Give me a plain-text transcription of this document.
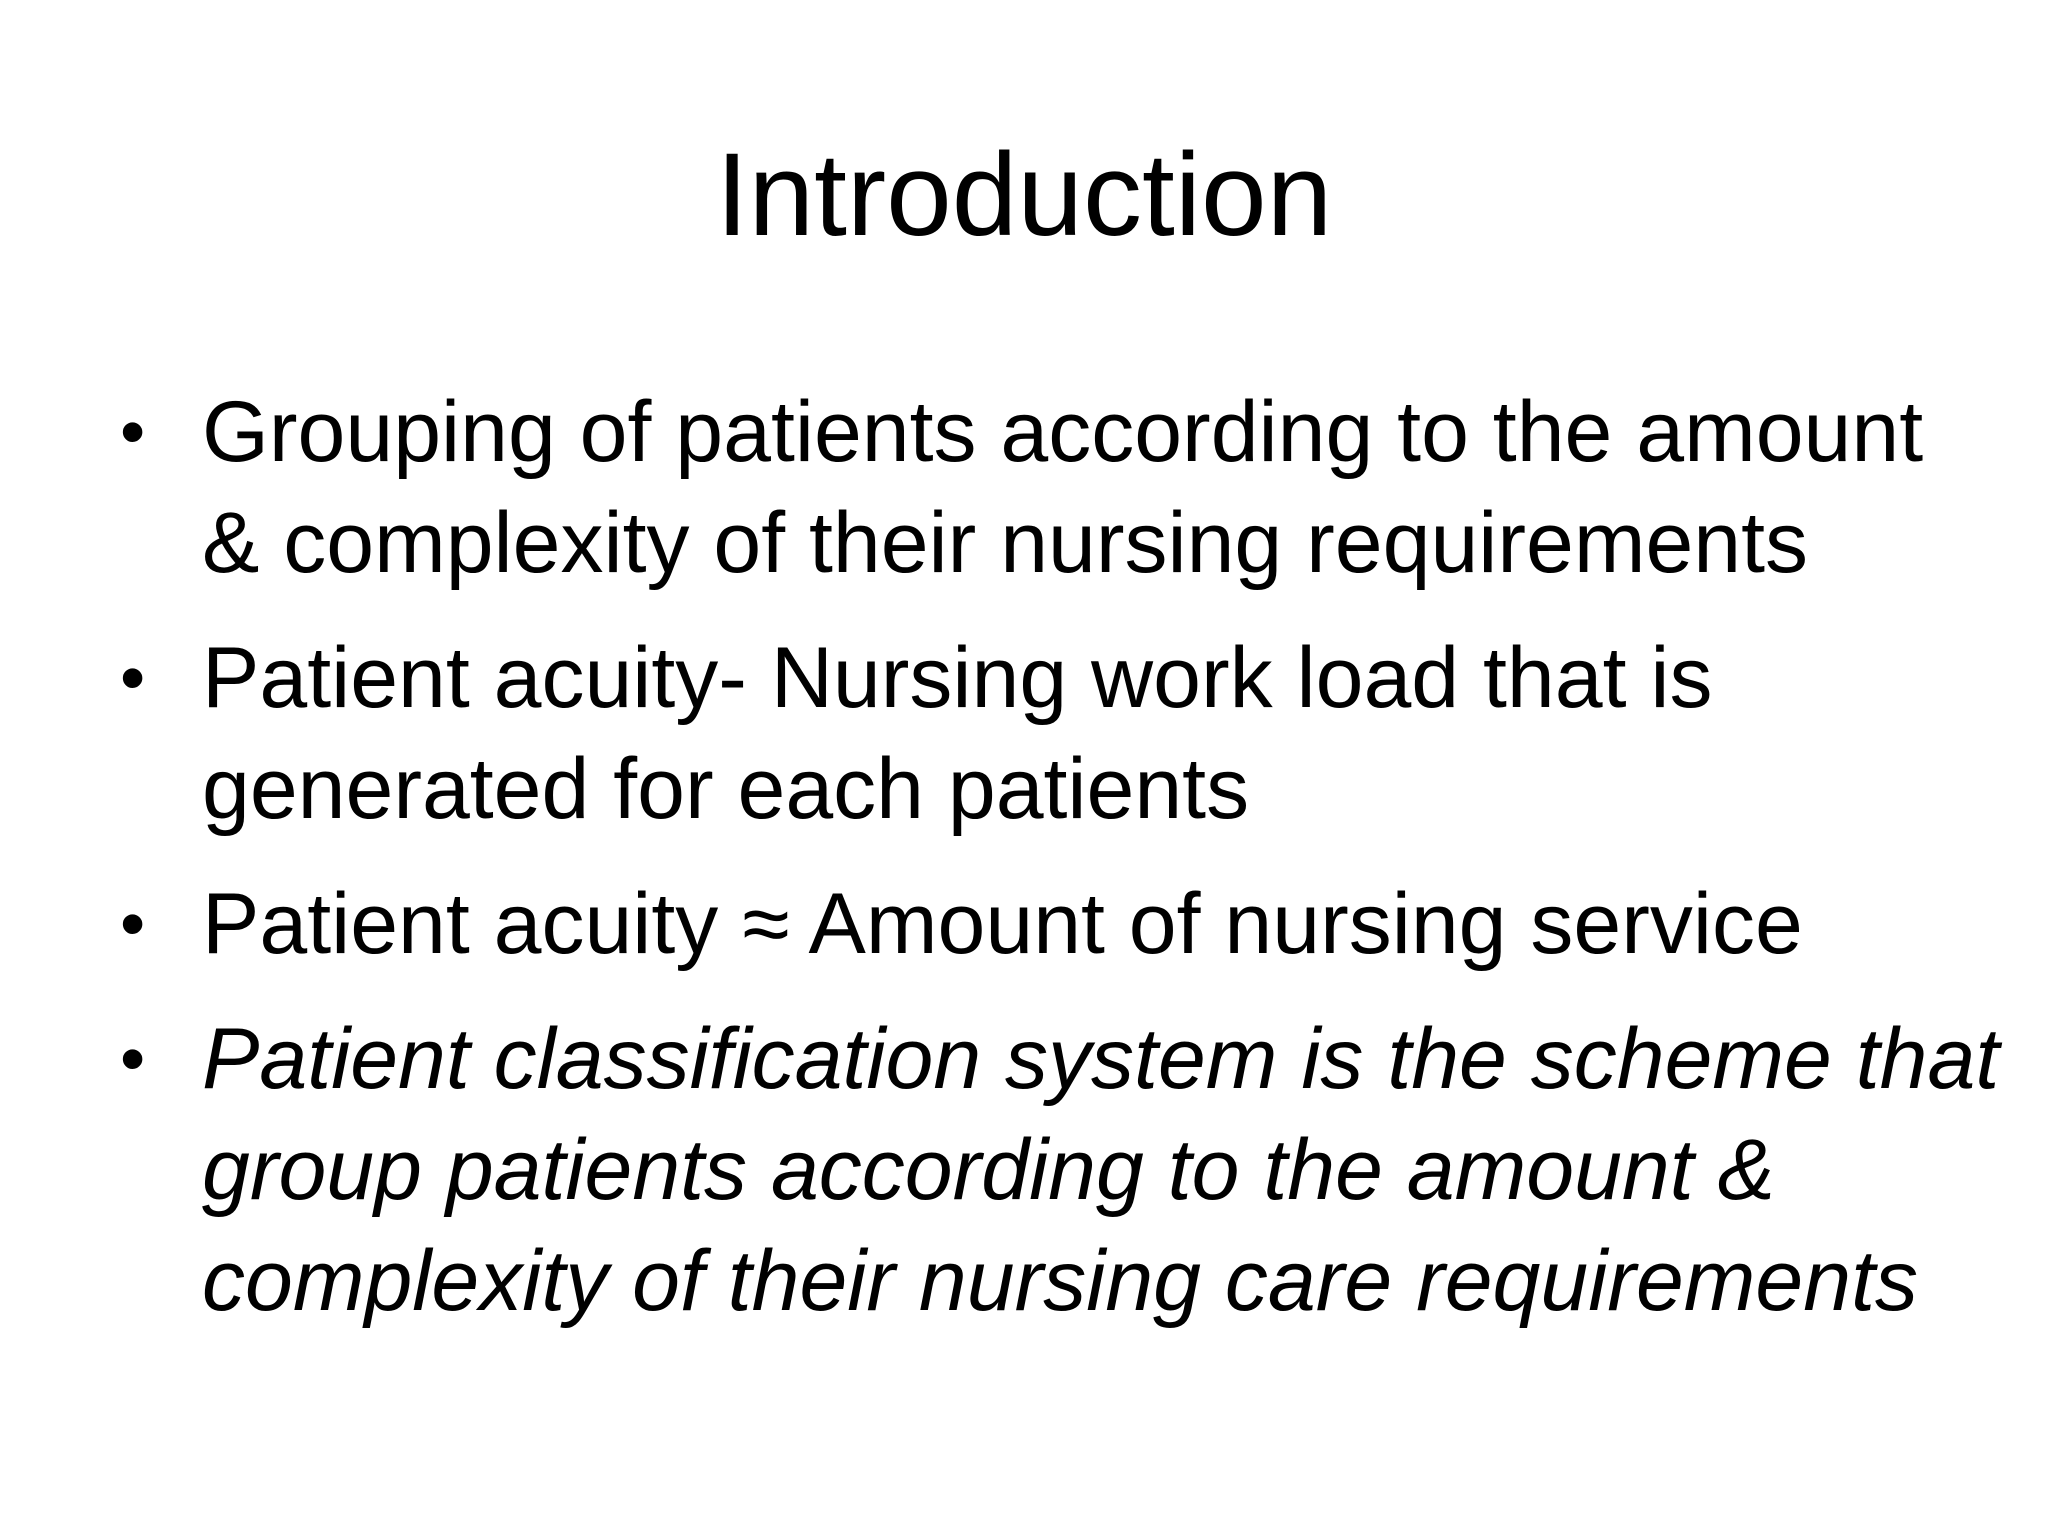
Introduction
• Grouping of patients according to the amount & complexity of their nursing requirements
• Patient acuity- Nursing work load that is generated for each patients
• Patient acuity ≈ Amount of nursing service
• Patient classification system is the scheme that group patients according to the amount & complexity of their nursing care requirements
